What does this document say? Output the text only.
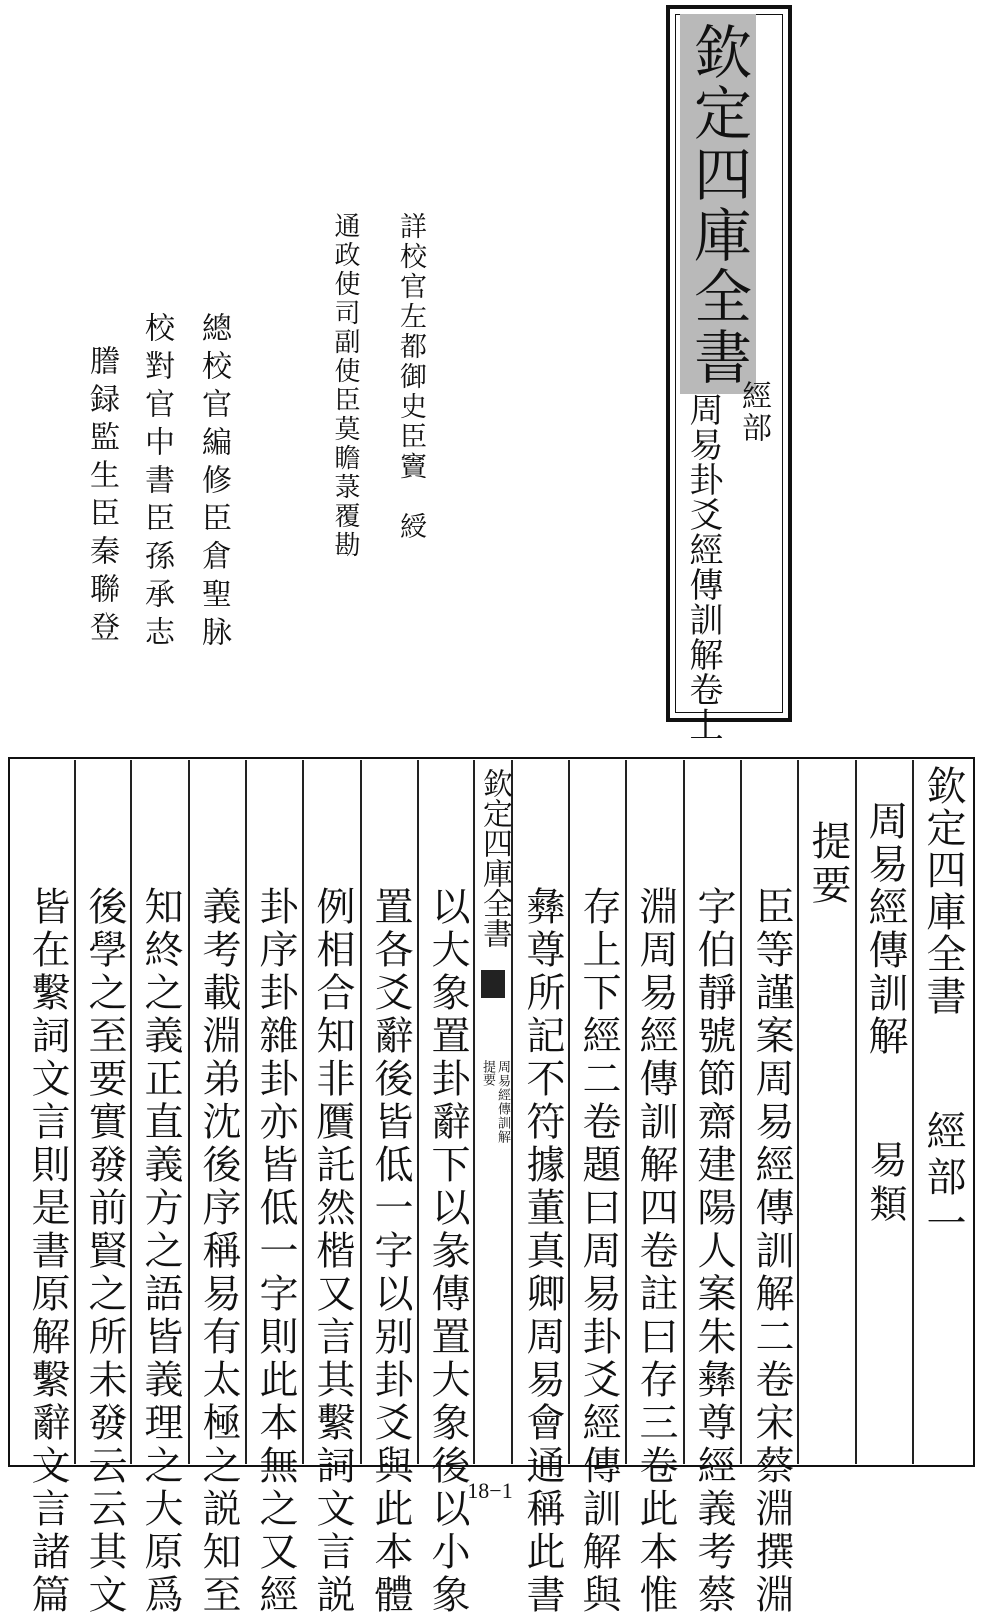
欽定四庫全書
經部
周易卦爻經傳訓解卷上
詳校官左都御史臣竇　綬
通政使司副使臣莫瞻菉覆勘
總校官編修臣倉聖脉
校對官中書臣孫承志
謄録監生臣秦聯登
欽定四庫全書
周易經傳訓解
提要
欽定四庫全書
經部一
周易經傳訓解
易類
提要
臣等謹案周易經傳訓解二卷宋蔡淵撰淵
字伯靜號節齋建陽人案朱彝尊經義考蔡
淵周易經傳訓解四卷註曰存三卷此本惟
存上下經二卷題曰周易卦爻經傳訓解與
彝尊所記不符據董真卿周易會通稱此書
以大象置卦辭下以彖傳置大象後以小象
置各爻辭後皆低一字以别卦爻與此本體
例相合知非贋託然楷又言其繫詞文言説
卦序卦雜卦亦皆低一字則此本無之又經
義考載淵弟沈後序稱易有太極之説知至
知終之義正直義方之語皆義理之大原爲
後學之至要實發前賢之所未發云云其文
皆在繫詞文言則是書原解繫辭文言諸篇	18−1
